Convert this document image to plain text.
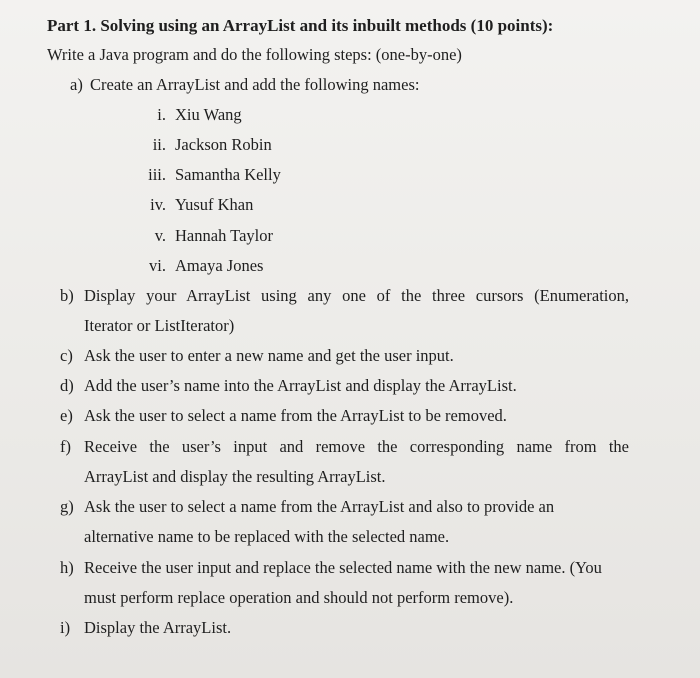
Part 1. Solving using an ArrayList and its inbuilt methods (10 points):
Write a Java program and do the following steps: (one-by-one)
a) Create an ArrayList and add the following names:
i. Xiu Wang
ii. Jackson Robin
iii. Samantha Kelly
iv. Yusuf Khan
v. Hannah Taylor
vi. Amaya Jones
b) Display your ArrayList using any one of the three cursors (Enumeration,
Iterator or ListIterator)
c) Ask the user to enter a new name and get the user input.
d) Add the user’s name into the ArrayList and display the ArrayList.
e) Ask the user to select a name from the ArrayList to be removed.
f) Receive the user’s input and remove the corresponding name from the
ArrayList and display the resulting ArrayList.
g) Ask the user to select a name from the ArrayList and also to provide an
alternative name to be replaced with the selected name.
h) Receive the user input and replace the selected name with the new name. (You
must perform replace operation and should not perform remove).
i) Display the ArrayList.
